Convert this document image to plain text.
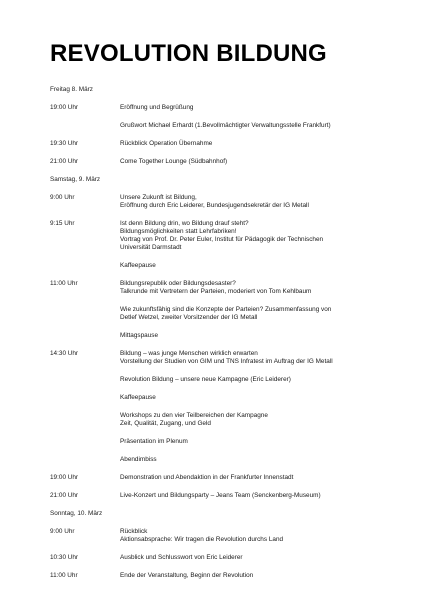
REVOLUTION BILDUNG
Freitag 8. März
19:00 Uhr	Eröffnung und Begrüßung
Grußwort Michael Erhardt (1.Bevollmächtigter Verwaltungsstelle Frankfurt)
19:30 Uhr	Rückblick Operation Übernahme
21:00 Uhr	Come Together Lounge (Südbahnhof)
Samstag, 9. März
9:00 Uhr	Unsere Zukunft ist Bildung,
Eröffnung durch Eric Leiderer, Bundesjugendsekretär der IG Metall
9:15 Uhr	Ist denn Bildung drin, wo Bildung drauf steht?
Bildungsmöglichkeiten statt Lehrfabriken!
Vortrag von Prof. Dr. Peter Euler, Institut für Pädagogik der Technischen
Universität Darmstadt
Kaffeepause
11:00 Uhr	Bildungsrepublik oder Bildungsdesaster?
Talkrunde mit Vertretern der Parteien, moderiert von Tom Kehlbaum
Wie zukunftsfähig sind die Konzepte der Parteien? Zusammenfassung von
Detlef Wetzel, zweiter Vorsitzender der IG Metall
Mittagspause
14:30 Uhr	Bildung – was junge Menschen wirklich erwarten
Vorstellung der Studien von GIM und TNS Infratest im Auftrag der IG Metall
Revolution Bildung – unsere neue Kampagne (Eric Leiderer)
Kaffeepause
Workshops zu den vier Teilbereichen der Kampagne
Zeit, Qualität, Zugang, und Geld
Präsentation im Plenum
Abendimbiss
19:00 Uhr	Demonstration und Abendaktion in der Frankfurter Innenstadt
21:00 Uhr	Live-Konzert und Bildungsparty – Jeans Team (Senckenberg-Museum)
Sonntag, 10. März
9:00 Uhr	Rückblick
Aktionsabsprache: Wir tragen die Revolution durchs Land
10:30 Uhr	Ausblick und Schlusswort von Eric Leiderer
11:00 Uhr	Ende der Veranstaltung, Beginn der Revolution
